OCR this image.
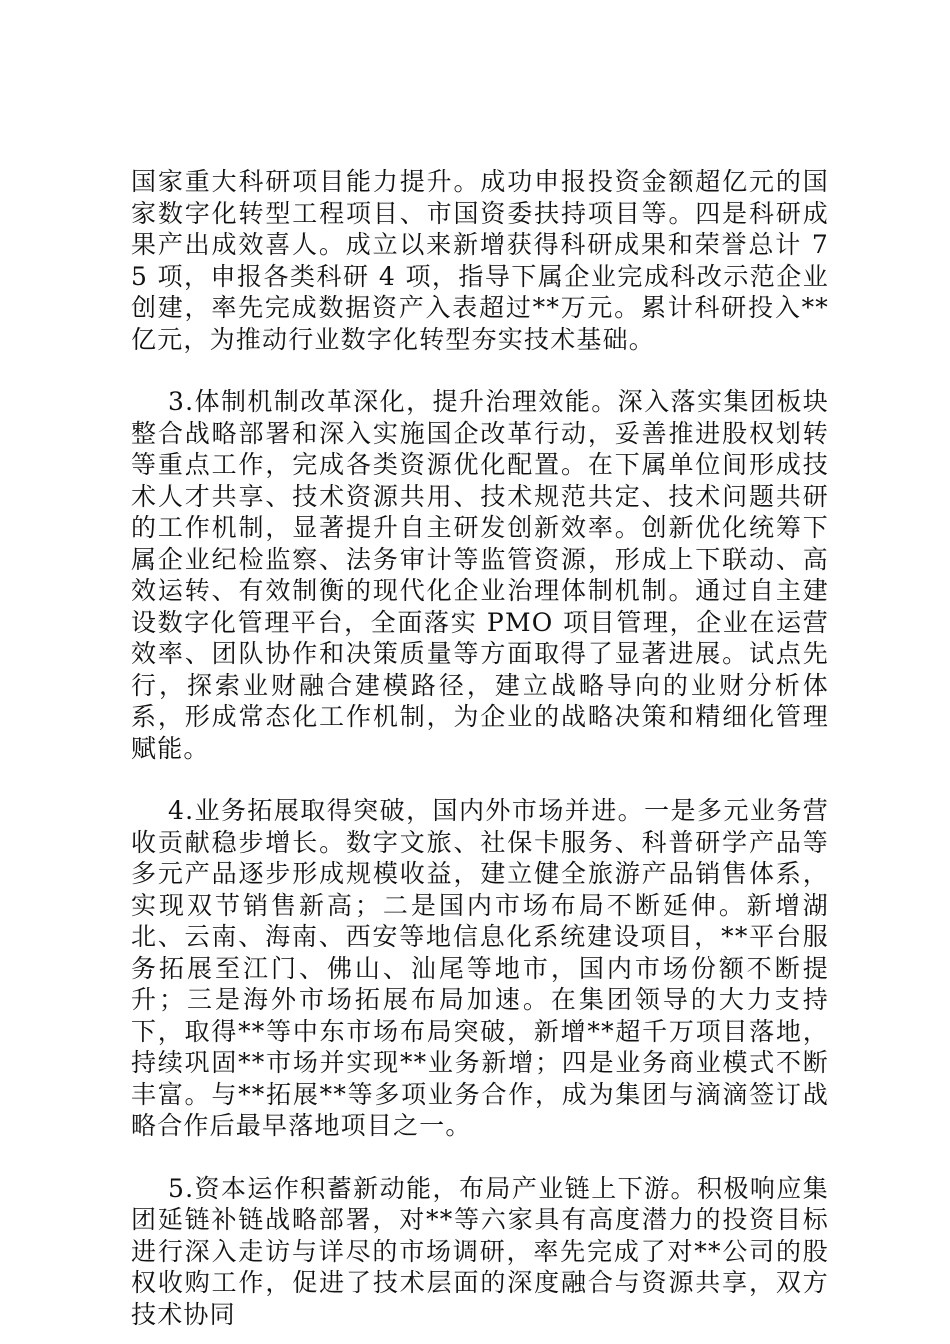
国家重大科研项目能力提升。成功申报投资金额超亿元的国家数字化转型工程项目、市国资委扶持项目等。四是科研成果产出成效喜人。成立以来新增获得科研成果和荣誉总计 75 项，申报各类科研 4 项，指导下属企业完成科改示范企业创建，率先完成数据资产入表超过**万元。累计科研投入**亿元，为推动行业数字化转型夯实技术基础。

3.体制机制改革深化，提升治理效能。深入落实集团板块整合战略部署和深入实施国企改革行动，妥善推进股权划转等重点工作，完成各类资源优化配置。在下属单位间形成技术人才共享、技术资源共用、技术规范共定、技术问题共研的工作机制，显著提升自主研发创新效率。创新优化统筹下属企业纪检监察、法务审计等监管资源，形成上下联动、高效运转、有效制衡的现代化企业治理体制机制。通过自主建设数字化管理平台，全面落实 PMO 项目管理，企业在运营效率、团队协作和决策质量等方面取得了显著进展。试点先行，探索业财融合建模路径，建立战略导向的业财分析体系，形成常态化工作机制，为企业的战略决策和精细化管理赋能。

4.业务拓展取得突破，国内外市场并进。一是多元业务营收贡献稳步增长。数字文旅、社保卡服务、科普研学产品等多元产品逐步形成规模收益，建立健全旅游产品销售体系，实现双节销售新高；二是国内市场布局不断延伸。新增湖北、云南、海南、西安等地信息化系统建设项目，**平台服务拓展至江门、佛山、汕尾等地市，国内市场份额不断提升；三是海外市场拓展布局加速。在集团领导的大力支持下，取得**等中东市场布局突破，新增**超千万项目落地，持续巩固**市场并实现**业务新增；四是业务商业模式不断丰富。与**拓展**等多项业务合作，成为集团与滴滴签订战略合作后最早落地项目之一。

5.资本运作积蓄新动能，布局产业链上下游。积极响应集团延链补链战略部署，对**等六家具有高度潜力的投资目标进行深入走访与详尽的市场调研，率先完成了对**公司的股权收购工作，促进了技术层面的深度融合与资源共享，双方技术协同
